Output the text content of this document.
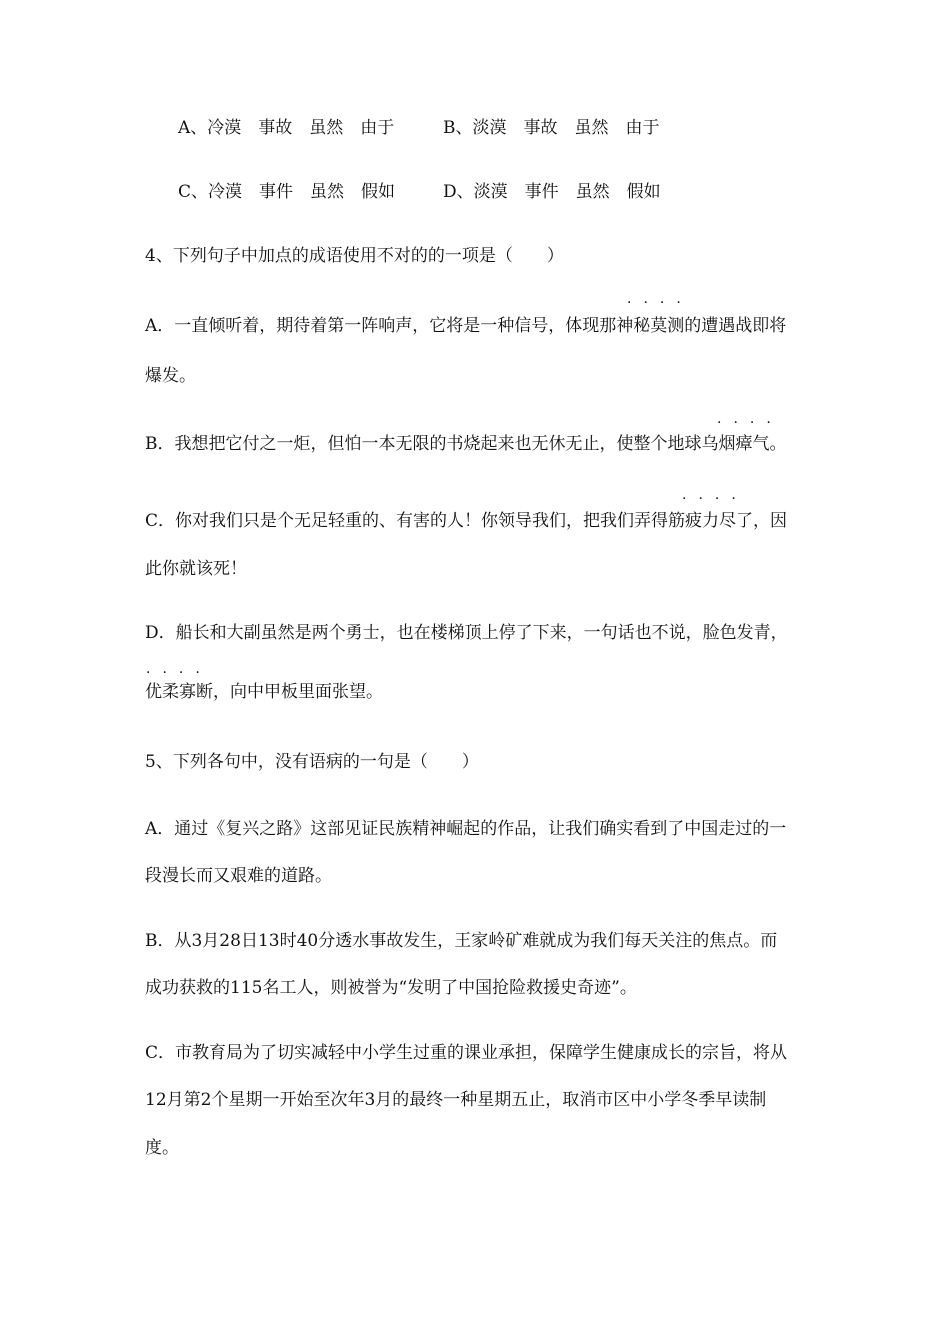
A、冷漠　事故　虽然　由于	B、淡漠　事故　虽然　由于
C、冷漠　事件　虽然　假如	D、淡漠　事件　虽然　假如
4、下列句子中加点的成语使用不对的的一项是（　　）
····
A．一直倾听着，期待着第一阵响声，它将是一种信号，体现那神秘莫测的遭遇战即将
爆发。
····
B．我想把它付之一炬，但怕一本无限的书烧起来也无休无止，使整个地球乌烟瘴气。
····
C．你对我们只是个无足轻重的、有害的人！你领导我们，把我们弄得筋疲力尽了，因
此你就该死！
D．船长和大副虽然是两个勇士，也在楼梯顶上停了下来，一句话也不说，脸色发青，
····
优柔寡断，向中甲板里面张望。
5、下列各句中，没有语病的一句是（　　）
A．通过《复兴之路》这部见证民族精神崛起的作品，让我们确实看到了中国走过的一
段漫长而又艰难的道路。
B．从3月28日13时40分透水事故发生，王家岭矿难就成为我们每天关注的焦点。而
成功获救的115名工人，则被誉为“发明了中国抢险救援史奇迹”。
C．市教育局为了切实减轻中小学生过重的课业承担，保障学生健康成长的宗旨，将从
12月第2个星期一开始至次年3月的最终一种星期五止，取消市区中小学冬季早读制
度。
